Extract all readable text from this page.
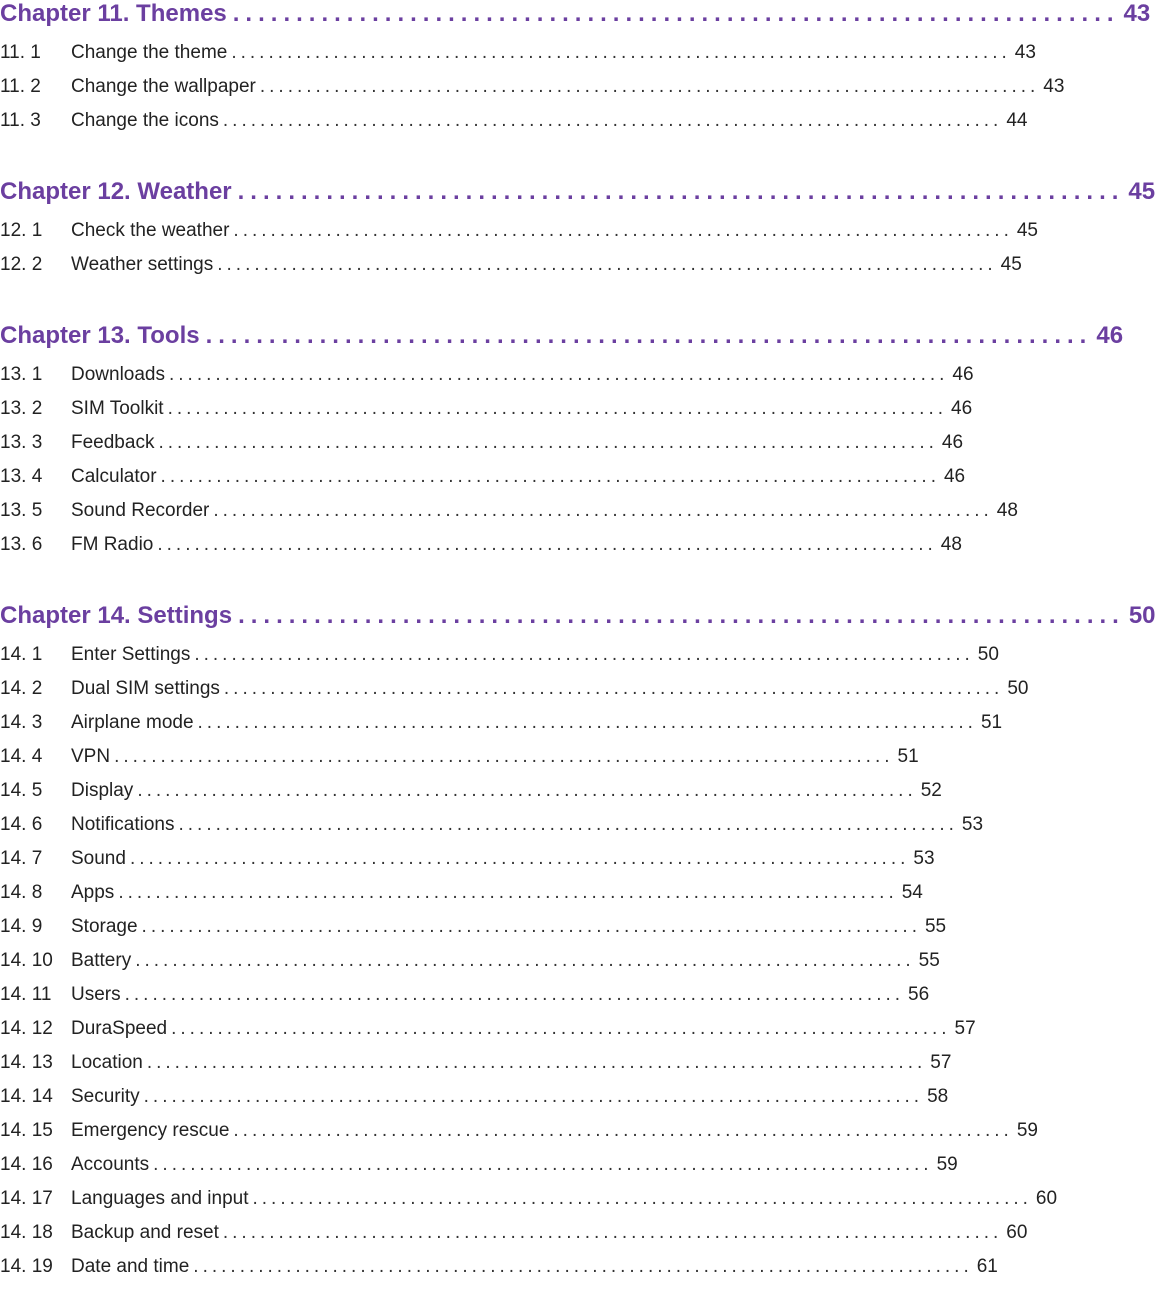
Chapter 11. Themes ...................................................................... 43
11. 1	Change the theme .................................................................................... 43
11. 2	Change the wallpaper .................................................................................... 43
11. 3	Change the icons .................................................................................... 44
Chapter 12. Weather ...................................................................... 45
12. 1	Check the weather .................................................................................... 45
12. 2	Weather settings .................................................................................... 45
Chapter 13. Tools ...................................................................... 46
13. 1	Downloads .................................................................................... 46
13. 2	SIM Toolkit .................................................................................... 46
13. 3	Feedback .................................................................................... 46
13. 4	Calculator .................................................................................... 46
13. 5	Sound Recorder .................................................................................... 48
13. 6	FM Radio .................................................................................... 48
Chapter 14. Settings ...................................................................... 50
14. 1	Enter Settings .................................................................................... 50
14. 2	Dual SIM settings .................................................................................... 50
14. 3	Airplane mode .................................................................................... 51
14. 4	VPN .................................................................................... 51
14. 5	Display .................................................................................... 52
14. 6	Notifications .................................................................................... 53
14. 7	Sound .................................................................................... 53
14. 8	Apps .................................................................................... 54
14. 9	Storage .................................................................................... 55
14. 10 Battery .................................................................................... 55
14. 11	Users .................................................................................... 56
14. 12 DuraSpeed .................................................................................... 57
14. 13 Location .................................................................................... 57
14. 14 Security .................................................................................... 58
14. 15 Emergency rescue .................................................................................... 59
14. 16 Accounts .................................................................................... 59
14. 17 Languages and input .................................................................................... 60
14. 18 Backup and reset .................................................................................... 60
14. 19 Date and time .................................................................................... 61
